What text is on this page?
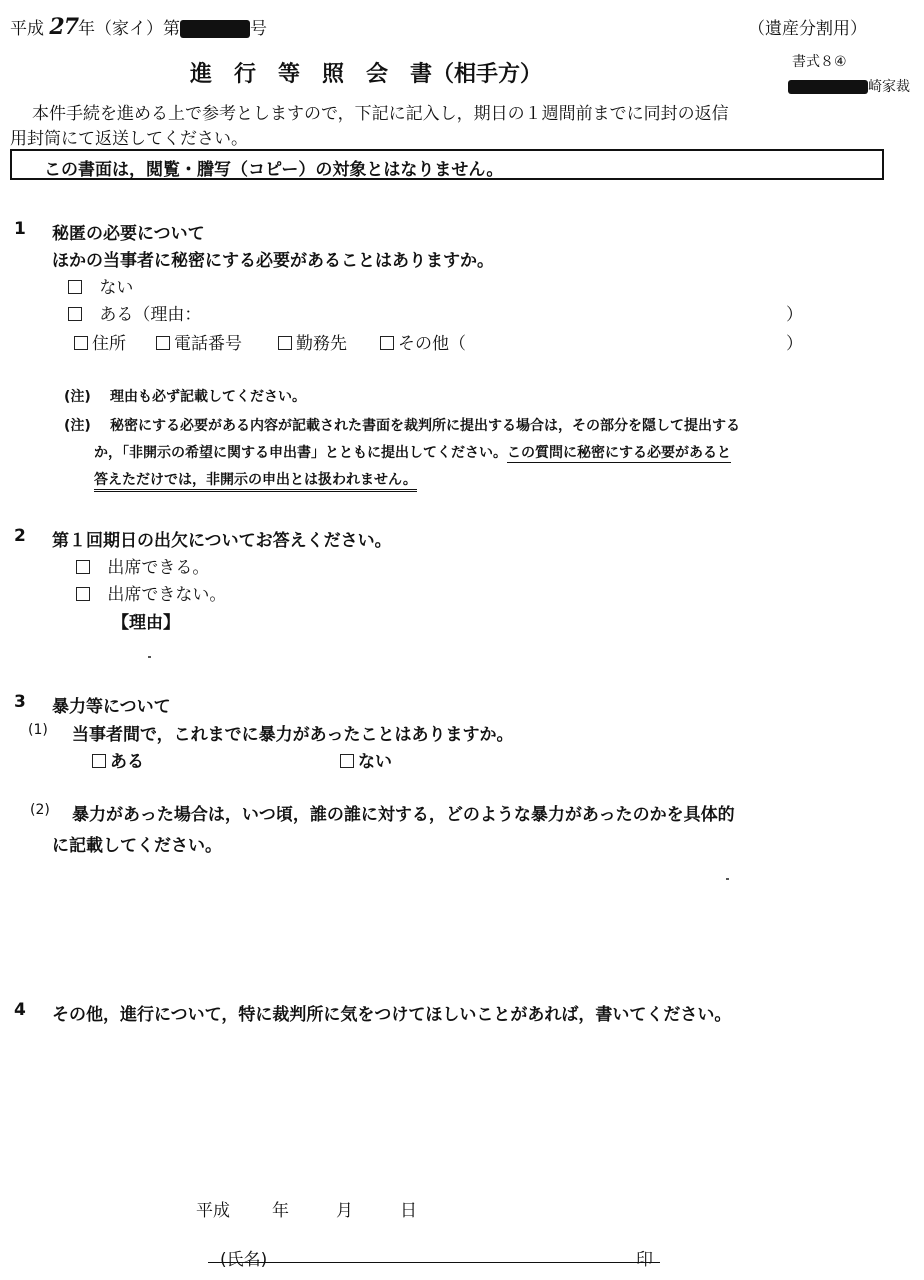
平成 27年（家イ）第	号	（遺産分割用）
書式８④
崎家裁
進　行　等　照　会　書（相手方）
本件手続を進める上で参考としますので，下記に記入し，期日の１週間前までに同封の返信
用封筒にて返送してください。
この書面は，閲覧・謄写（コピー）の対象とはなりません。
1 秘匿の必要について
ほかの当事者に秘密にする必要があることはありますか。
ない
ある（理由：	）
住所	電話番号	勤務先	その他（	）
(注) 理由も必ず記載してください。
(注) 秘密にする必要がある内容が記載された書面を裁判所に提出する場合は，その部分を隠して提出する
か，「非開示の希望に関する申出書」とともに提出してください。この質問に秘密にする必要があると
答えただけでは，非開示の申出とは扱われません。
2 第１回期日の出欠についてお答えください。
出席できる。
出席できない。
【理由】
3 暴力等について
(1) 当事者間で，これまでに暴力があったことはありますか。
ある	ない
(2) 暴力があった場合は，いつ頃，誰の誰に対する，どのような暴力があったのかを具体的
に記載してください。
4 その他，進行について，特に裁判所に気をつけてほしいことがあれば，書いてください。
平成 年	月	日
(氏名)	印
